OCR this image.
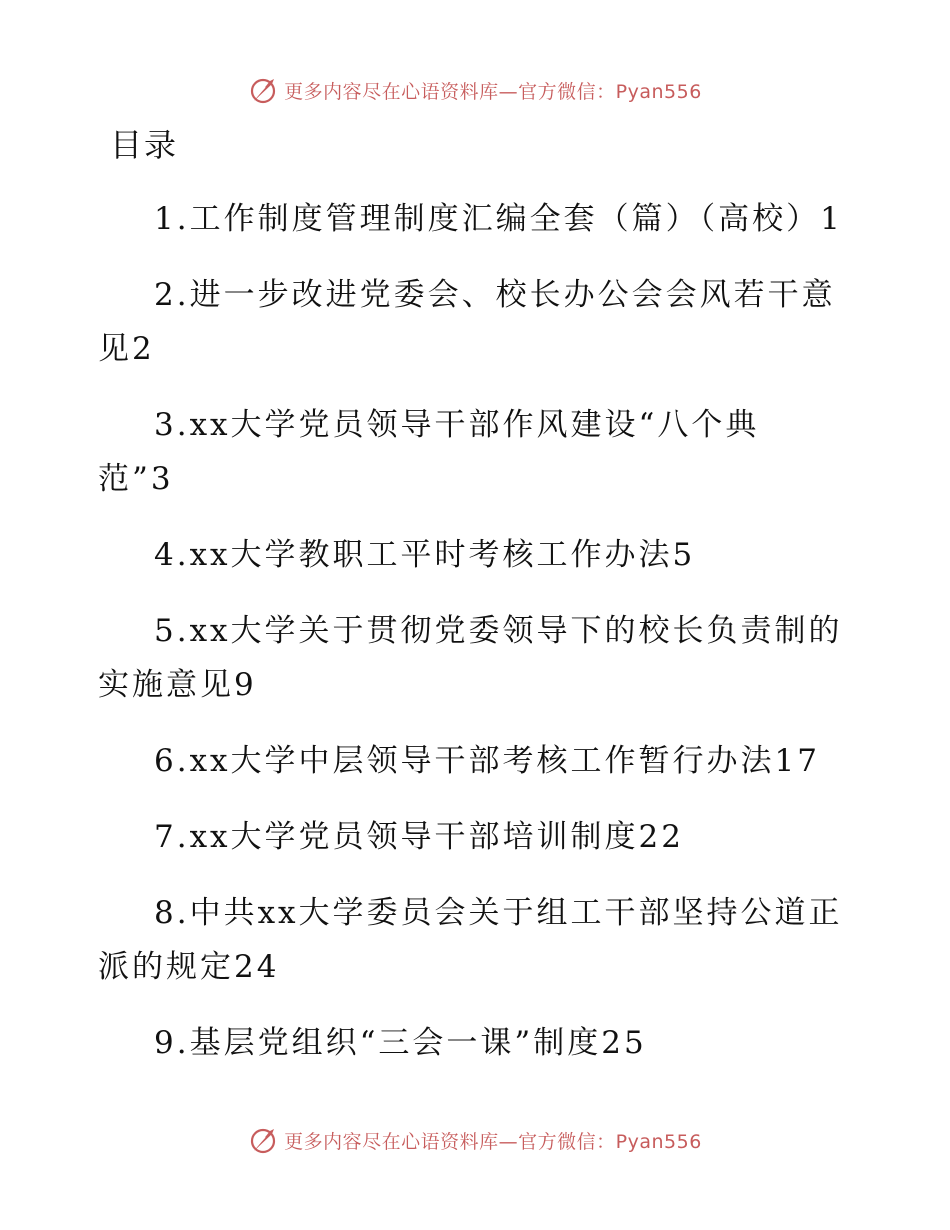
更多内容尽在心语资料库—官方微信：Pyan556
目录
1.工作制度管理制度汇编全套（篇）（高校）1
2.进一步改进党委会、校长办公会会风若干意
见2
3.xx大学党员领导干部作风建设“八个典
范”3
4.xx大学教职工平时考核工作办法5
5.xx大学关于贯彻党委领导下的校长负责制的
实施意见9
6.xx大学中层领导干部考核工作暂行办法17
7.xx大学党员领导干部培训制度22
8.中共xx大学委员会关于组工干部坚持公道正
派的规定24
9.基层党组织“三会一课”制度25
更多内容尽在心语资料库—官方微信：Pyan556
